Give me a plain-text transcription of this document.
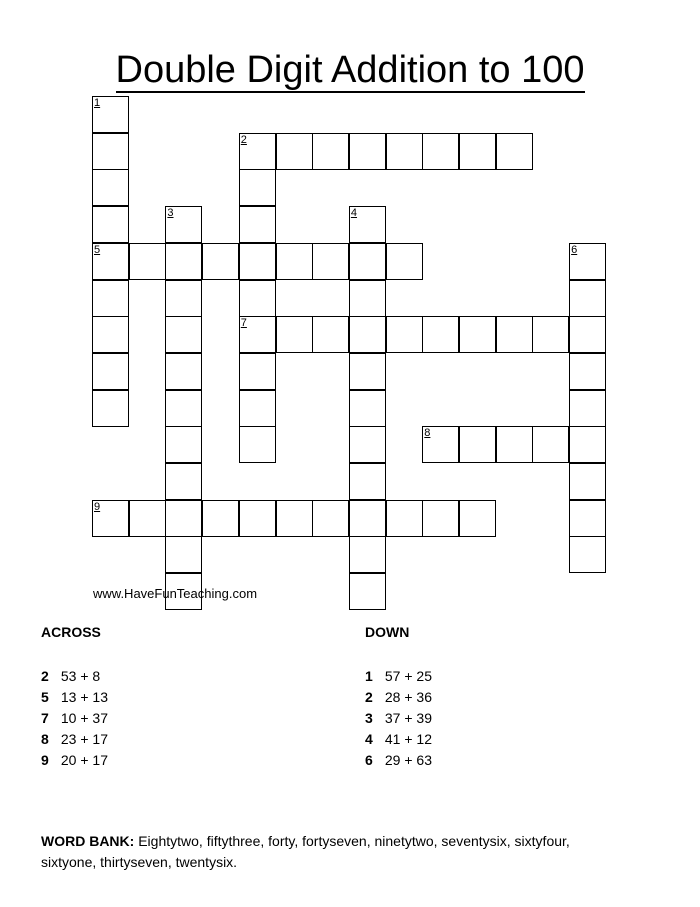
Double Digit Addition to 100
1
5
2
7
3	4
6
8
9
www.HaveFunTeaching.com
ACROSS
2 53 + 8
5 13 + 13
7 10 + 37
8 23 + 17
9 20 + 17
DOWN
1 57 + 25
2 28 + 36
3 37 + 39
4 41 + 12
6 29 + 63
WORD BANK: Eightytwo, fiftythree, forty, fortyseven, ninetytwo, seventysix, sixtyfour, sixtyone, thirtyseven, twentysix.
